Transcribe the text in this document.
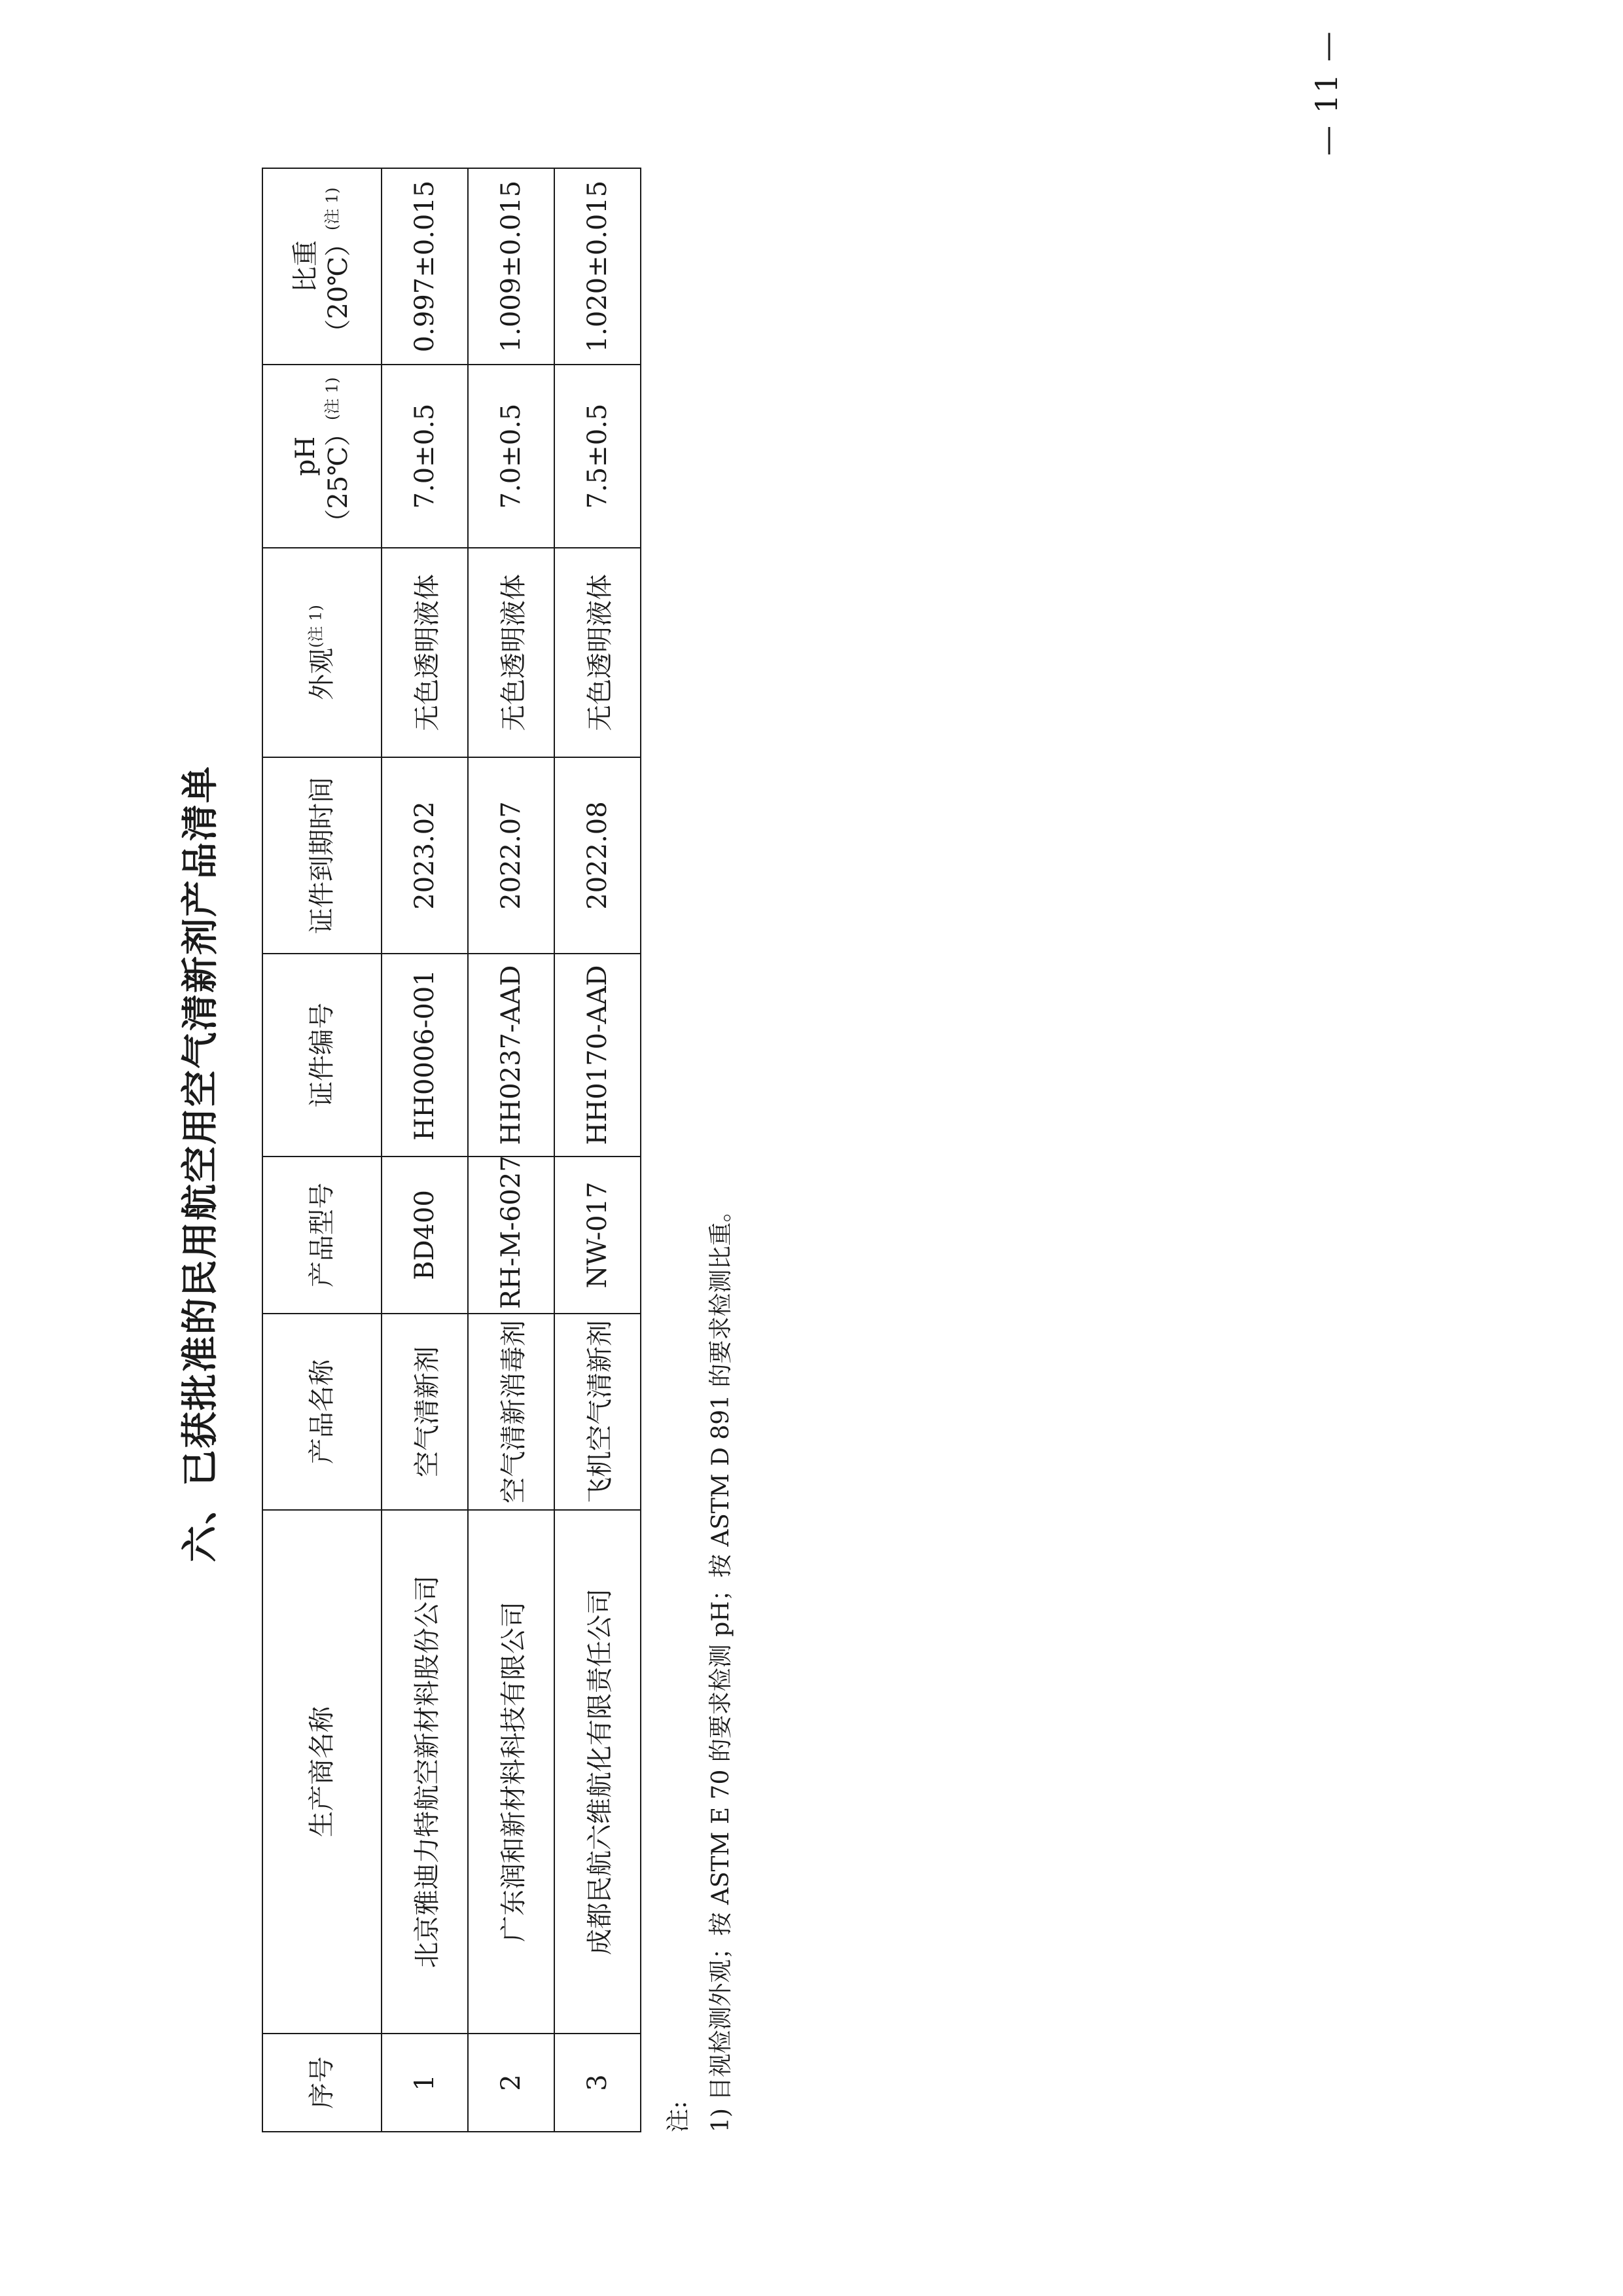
六、已获批准的民用航空用空气清新剂产品清单
序号	生产商名称	产品名称	产品型号	证件编号	证件到期时间	外观$^{(注 1)}$	pH （25℃）$^{(注 1)}$	比重 （20℃）$^{(注 1)}$
1	北京雅迪力特航空新材料股份公司	空气清新剂	BD400	HH0006-001	2023.02	无色透明液体	7.0±0.5	0.997±0.015
2	广东润和新材料科技有限公司	空气清新消毒剂	RH-M-6027	HH0237-AAD	2022.07	无色透明液体	7.0±0.5	1.009±0.015
3	成都民航六维航化有限责任公司	飞机空气清新剂	NW-017	HH0170-AAD	2022.08	无色透明液体	7.5±0.5	1.020±0.015
注: 1) 目视检测外观；按 ASTM E 70 的要求检测 pH；按 ASTM D 891 的要求检测比重。
— 11 —
